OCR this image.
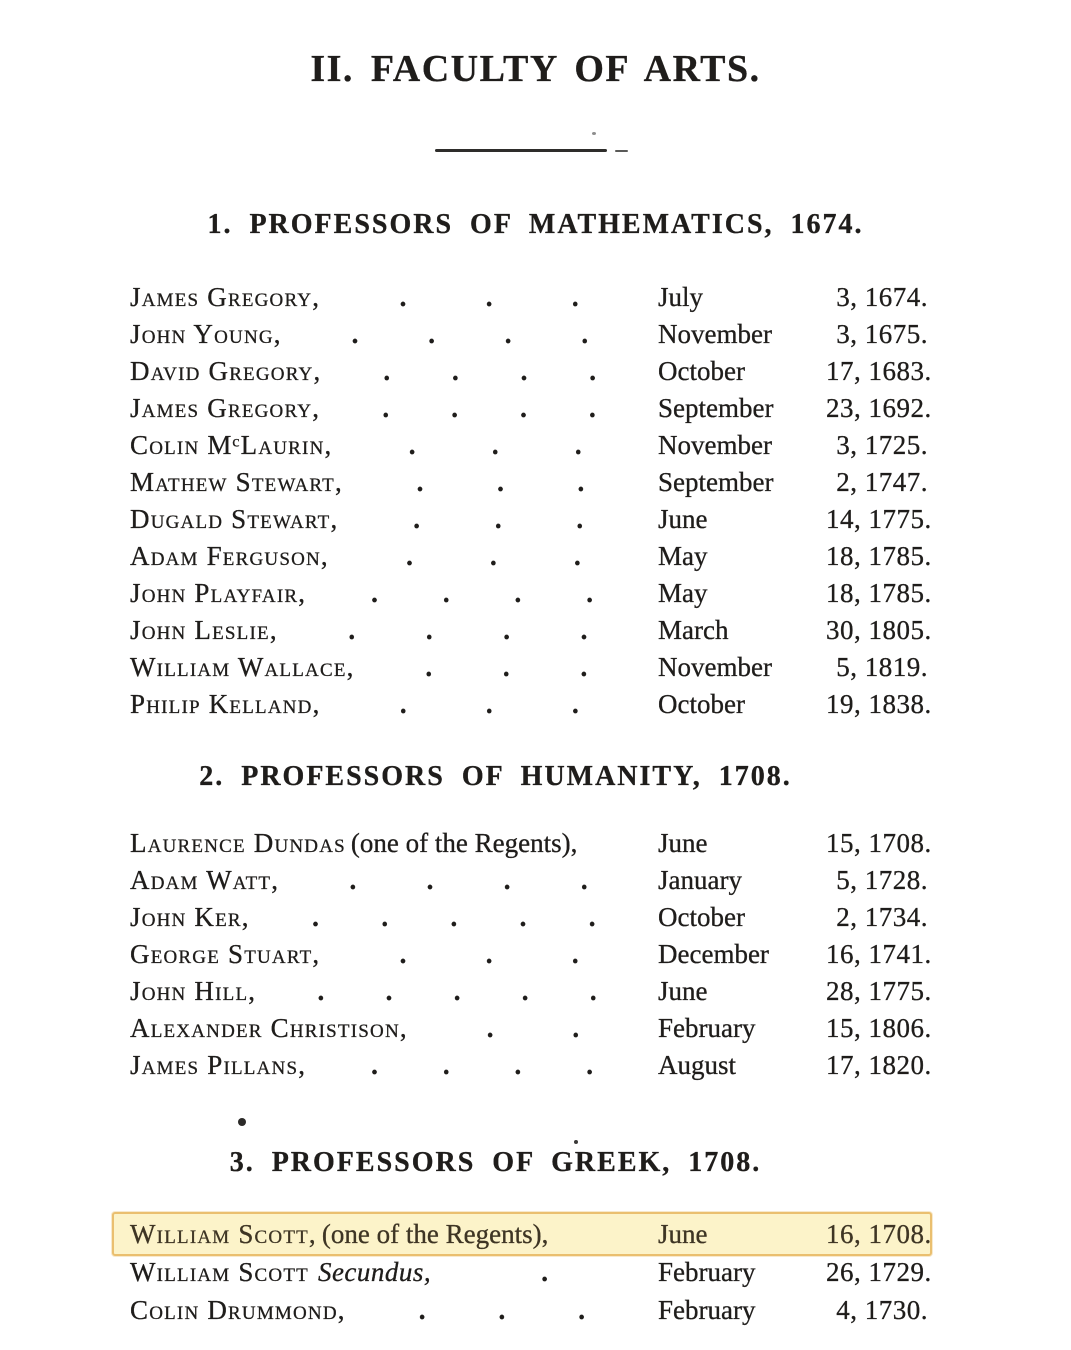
II. FACULTY OF ARTS.
1. PROFESSORS OF MATHEMATICS, 1674.
James Gregory,	.	.	.	July	3, 1674.
John Young,	.	.	.	.	November	3, 1675.
David Gregory, . . . . October	17, 1683.
James Gregory, . . . . September	23, 1692.
Colin MᶜLaurin,	.	.	.	November	3, 1725.
Mathew Stewart,	.	.	.	September	2, 1747.
Dugald Stewart,	.	.	.	June	14, 1775.
Adam Ferguson,	.	.	.	May	18, 1785.
John Playfair, . . . . May	18, 1785.
John Leslie,	.	.	.	.	March	30, 1805.
William Wallace,	.	.	.	November	5, 1819.
Philip Kelland,	.	.	.	October	19, 1838.
2. PROFESSORS OF HUMANITY, 1708.
Laurence Dundas (one of the Regents),	June	15, 1708.
Adam Watt,	.	.	.	.	January	5, 1728.
John Ker, . . . . . October	2, 1734.
George Stuart,	.	.	.	December	16, 1741.
John Hill, . . . . . June	28, 1775.
Alexander Christison,	.	.	February	15, 1806.
James Pillans, . . . . August	17, 1820.
3. PROFESSORS OF GREEK, 1708.
William Scott, (one of the Regents),	June	16, 1708.
William Scott Secundus,	.	February	26, 1729.
Colin Drummond,	.	.	.	February	4, 1730.
